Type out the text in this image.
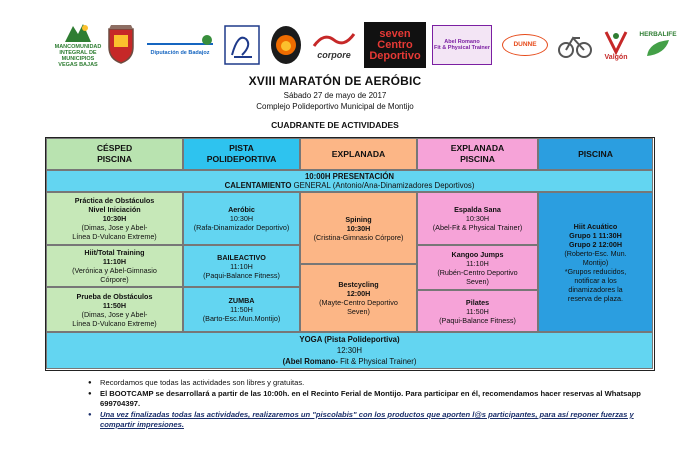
MANCOMUNIDAD
INTEGRAL DE MUNICIPIOS
VEGAS BAJAS
Diputación de Badajoz	corpore
seven
Centro Deportivo
Abel Romano
Fit & Physical Trainer	DUNNE
Valgón
HERBALIFE
XVIII MARATÓN DE AERÓBIC
Sábado 27 de mayo de 2017
Complejo Polideportivo Municipal de Montijo
CUADRANTE DE ACTIVIDADES
CÉSPED
PISCINA
PISTA
POLIDEPORTIVA
EXPLANADA
EXPLANADA
PISCINA
PISCINA
10:00H PRESENTACIÓN
CALENTAMIENTO GENERAL (Antonio/Ana-Dinamizadores Deportivos)
Práctica de Obstáculos
Nivel Iniciación
10:30H
(Dimas, Jose y Abel-
Línea D-Vulcano Extreme)
Hiit/Total Training
11:10H
(Verónica y Abel-Gimnasio
Córpore)
Prueba de Obstáculos
11:50H
(Dimas, Jose y Abel-
Línea D-Vulcano Extreme)
Aeróbic
10:30H
(Rafa-Dinamizador Deportivo)
BAILEACTIVO
11:10H
(Paqui-Balance Fitness)
ZUMBA
11:50H
(Barto-Esc.Mun.Montijo)
Spining
10:30H
(Cristina-Gimnasio Córpore)
Bestcycling
12:00H
(Mayte-Centro Deportivo
Seven)
Espalda Sana
10:30H
(Abel-Fit & Physical Trainer)
Kangoo Jumps
11:10H
(Rubén-Centro Deportivo
Seven)
Pilates
11:50H
(Paqui-Balance Fitness)
Hiit Acuático
Grupo 1 11:30H
Grupo 2 12:00H
(Roberto-Esc. Mun.
Montijo)
*Grupos reducidos,
notificar a los
dinamizadores la
reserva de plaza.
YOGA (Pista Polideportiva)
12:30H
(Abel Romano- Fit & Physical Trainer)
● Recordamos que todas las actividades son libres y gratuitas.
● El BOOTCAMP se desarrollará a partir de las 10:00h. en el Recinto Ferial de Montijo. Para participar en él, recomendamos hacer reservas al Whatsapp 699704397.
● Una vez finalizadas todas las actividades, realizaremos un "piscolabis" con los productos que aporten l@s participantes, para así reponer fuerzas y compartir impresiones.
